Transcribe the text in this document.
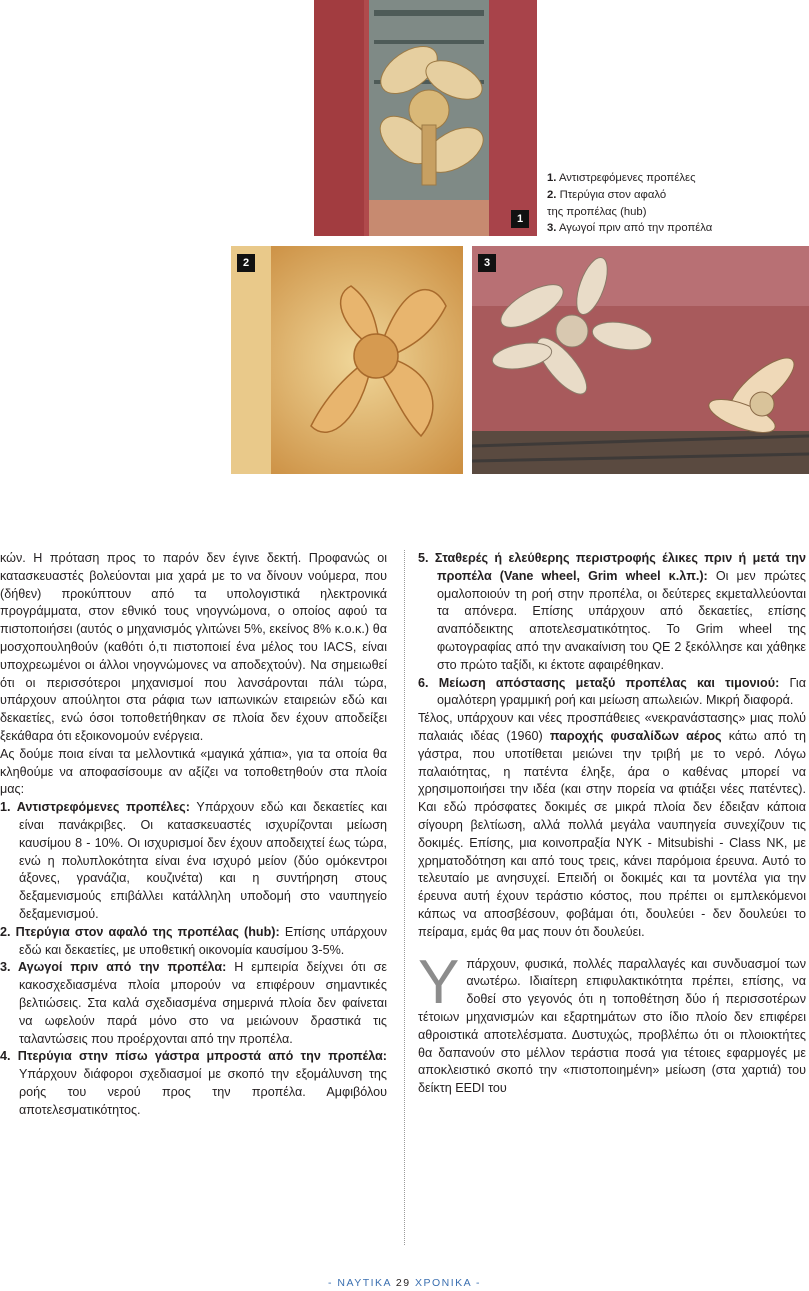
1
1. Αντιστρεφόμενες προπέλες
2. Πτερύγια στον αφαλό
της προπέλας (hub)
3. Αγωγοί πριν από την προπέλα
2	3

κών. Η πρόταση προς το παρόν δεν έγινε δεκτή. Προφανώς οι κατασκευαστές βολεύονται μια χαρά με το να δίνουν νούμερα, που (δήθεν) προκύπτουν από τα υπολογιστικά ηλεκτρονικά προγράμματα, στον εθνικό τους νηογνώμονα, ο οποίος αφού τα πιστοποιήσει (αυτός ο μηχανισμός γλιτώνει 5%, εκείνος 8% κ.ο.κ.) θα μοσχοπουληθούν (καθότι ό,τι πιστοποιεί ένα μέλος του IACS, είναι υποχρεωμένοι οι άλλοι νηογνώμονες να αποδεχτούν). Να σημειωθεί ότι οι περισσότεροι μηχανισμοί που λανσάρονται πάλι τώρα, υπάρχουν απούλητοι στα ράφια των ιαπωνικών εταιρειών εδώ και δεκαετίες, ενώ όσοι τοποθετήθηκαν σε πλοία δεν έχουν αποδείξει ξεκάθαρα ότι εξοικονομούν ενέργεια.

Ας δούμε ποια είναι τα μελλοντικά «μαγικά χάπια», για τα οποία θα κληθούμε να αποφασίσουμε αν αξίζει να τοποθετηθούν στα πλοία μας:

1. Αντιστρεφόμενες προπέλες: Υπάρχουν εδώ και δεκαετίες και είναι πανάκριβες. Οι κατασκευαστές ισχυρίζονται μείωση καυσίμου 8 - 10%. Οι ισχυρισμοί δεν έχουν αποδειχτεί έως τώρα, ενώ η πολυπλοκότητα είναι ένα ισχυρό μείον (δύο ομόκεντροι άξονες, γρανάζια, κουζινέτα) και η συντήρηση στους δεξαμενισμούς επιβάλλει κατάλληλη υποδομή στο ναυπηγείο δεξαμενισμού.

2. Πτερύγια στον αφαλό της προπέλας (hub): Επίσης υπάρχουν εδώ και δεκαετίες, με υποθετική οικονομία καυσίμου 3-5%.

3. Αγωγοί πριν από την προπέλα: Η εμπειρία δείχνει ότι σε κακοσχεδιασμένα πλοία μπορούν να επιφέρουν σημαντικές βελτιώσεις. Στα καλά σχεδιασμένα σημερινά πλοία δεν φαίνεται να ωφελούν παρά μόνο στο να μειώνουν δραστικά τις ταλαντώσεις που προέρχονται από την προπέλα.

4. Πτερύγια στην πίσω γάστρα μπροστά από την προπέλα: Υπάρχουν διάφοροι σχεδιασμοί με σκοπό την εξομάλυνση της ροής του νερού προς την προπέλα. Αμφιβόλου αποτελεσματικότητος.

5. Σταθερές ή ελεύθερης περιστροφής έλικες πριν ή μετά την προπέλα (Vane wheel, Grim wheel κ.λπ.): Οι μεν πρώτες ομαλοποιούν τη ροή στην προπέλα, οι δεύτερες εκμεταλλεύονται τα απόνερα. Επίσης υπάρχουν από δεκαετίες, επίσης αναπόδεικτης αποτελεσματικότητος. Το Grim wheel της φωτογραφίας από την ανακαίνιση του QE 2 ξεκόλλησε και χάθηκε στο πρώτο ταξίδι, κι έκτοτε αφαιρέθηκαν.

6. Μείωση απόστασης μεταξύ προπέλας και τιμονιού: Για ομαλότερη γραμμική ροή και μείωση απωλειών. Μικρή διαφορά.

Τέλος, υπάρχουν και νέες προσπάθειες «νεκρανάστασης» μιας πολύ παλαιάς ιδέας (1960) παροχής φυσαλίδων αέρος κάτω από τη γάστρα, που υποτίθεται μειώνει την τριβή με το νερό. Λόγω παλαιότητας, η πατέντα έληξε, άρα ο καθένας μπορεί να χρησιμοποιήσει την ιδέα (και στην πορεία να φτιάξει νέες πατέντες). Και εδώ πρόσφατες δοκιμές σε μικρά πλοία δεν έδειξαν κάποια σίγουρη βελτίωση, αλλά πολλά μεγάλα ναυπηγεία συνεχίζουν τις δοκιμές. Επίσης, μια κοινοπραξία NYK - Mitsubishi - Class NK, με χρηματοδότηση και από τους τρεις, κάνει παρόμοια έρευνα. Αυτό το τελευταίο με ανησυχεί. Επειδή οι δοκιμές και τα μοντέλα για την έρευνα αυτή έχουν τεράστιο κόστος, που πρέπει οι εμπλεκόμενοι κάπως να αποσβέσουν, φοβάμαι ότι, δουλεύει - δεν δουλεύει το πείραμα, εμάς θα μας πουν ότι δουλεύει.

Υπάρχουν, φυσικά, πολλές παραλλαγές και συνδυασμοί των ανωτέρω. Ιδιαίτερη επιφυλακτικότητα πρέπει, επίσης, να δοθεί στο γεγονός ότι η τοποθέτηση δύο ή περισσοτέρων τέτοιων μηχανισμών και εξαρτημάτων στο ίδιο πλοίο δεν επιφέρει αθροιστικά αποτελέσματα. Δυστυχώς, προβλέπω ότι οι πλοιοκτήτες θα δαπανούν στο μέλλον τεράστια ποσά για τέτοιες εφαρμογές με αποκλειστικό σκοπό την «πιστοποιημένη» μείωση (στα χαρτιά) του δείκτη EEDI του

- ΝΑΥΤΙΚΑ 29 ΧΡΟΝΙΚΑ -
